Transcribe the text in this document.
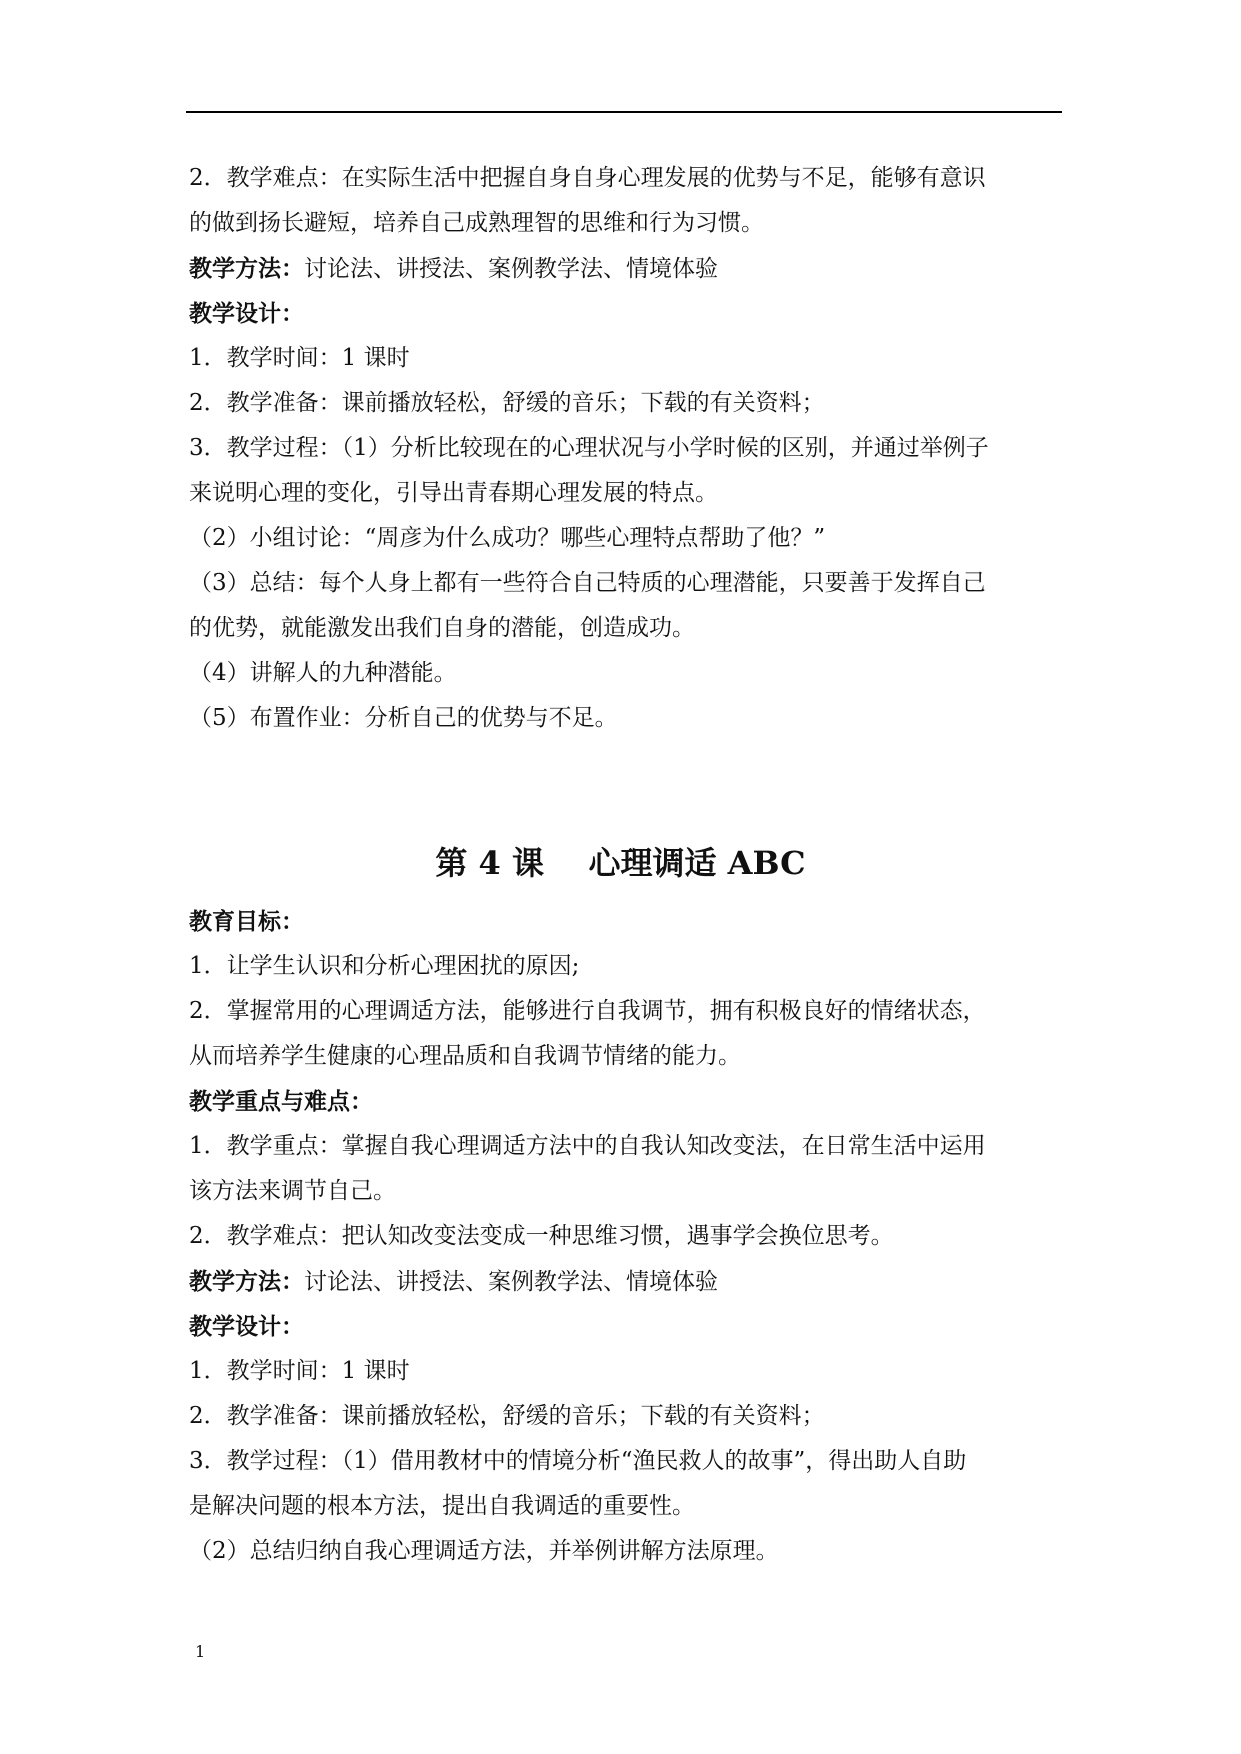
2．教学难点：在实际生活中把握自身自身心理发展的优势与不足，能够有意识
的做到扬长避短，培养自己成熟理智的思维和行为习惯。
教学方法：讨论法、讲授法、案例教学法、情境体验
教学设计：
1．教学时间：1 课时
2．教学准备：课前播放轻松，舒缓的音乐；下载的有关资料；
3．教学过程：（1）分析比较现在的心理状况与小学时候的区别，并通过举例子
来说明心理的变化，引导出青春期心理发展的特点。
（2）小组讨论：“周彦为什么成功？哪些心理特点帮助了他？”
（3）总结：每个人身上都有一些符合自己特质的心理潜能，只要善于发挥自己
的优势，就能激发出我们自身的潜能，创造成功。
（4）讲解人的九种潜能。
（5）布置作业：分析自己的优势与不足。
第 4 课    心理调适 ABC
教育目标：
1．让学生认识和分析心理困扰的原因;
2．掌握常用的心理调适方法，能够进行自我调节，拥有积极良好的情绪状态，
从而培养学生健康的心理品质和自我调节情绪的能力。
教学重点与难点：
1．教学重点：掌握自我心理调适方法中的自我认知改变法，在日常生活中运用
该方法来调节自己。
2．教学难点：把认知改变法变成一种思维习惯，遇事学会换位思考。
教学方法：讨论法、讲授法、案例教学法、情境体验
教学设计：
1．教学时间：1 课时
2．教学准备：课前播放轻松，舒缓的音乐；下载的有关资料；
3．教学过程：（1）借用教材中的情境分析“渔民救人的故事”，得出助人自助
是解决问题的根本方法，提出自我调适的重要性。
（2）总结归纳自我心理调适方法，并举例讲解方法原理。
1
